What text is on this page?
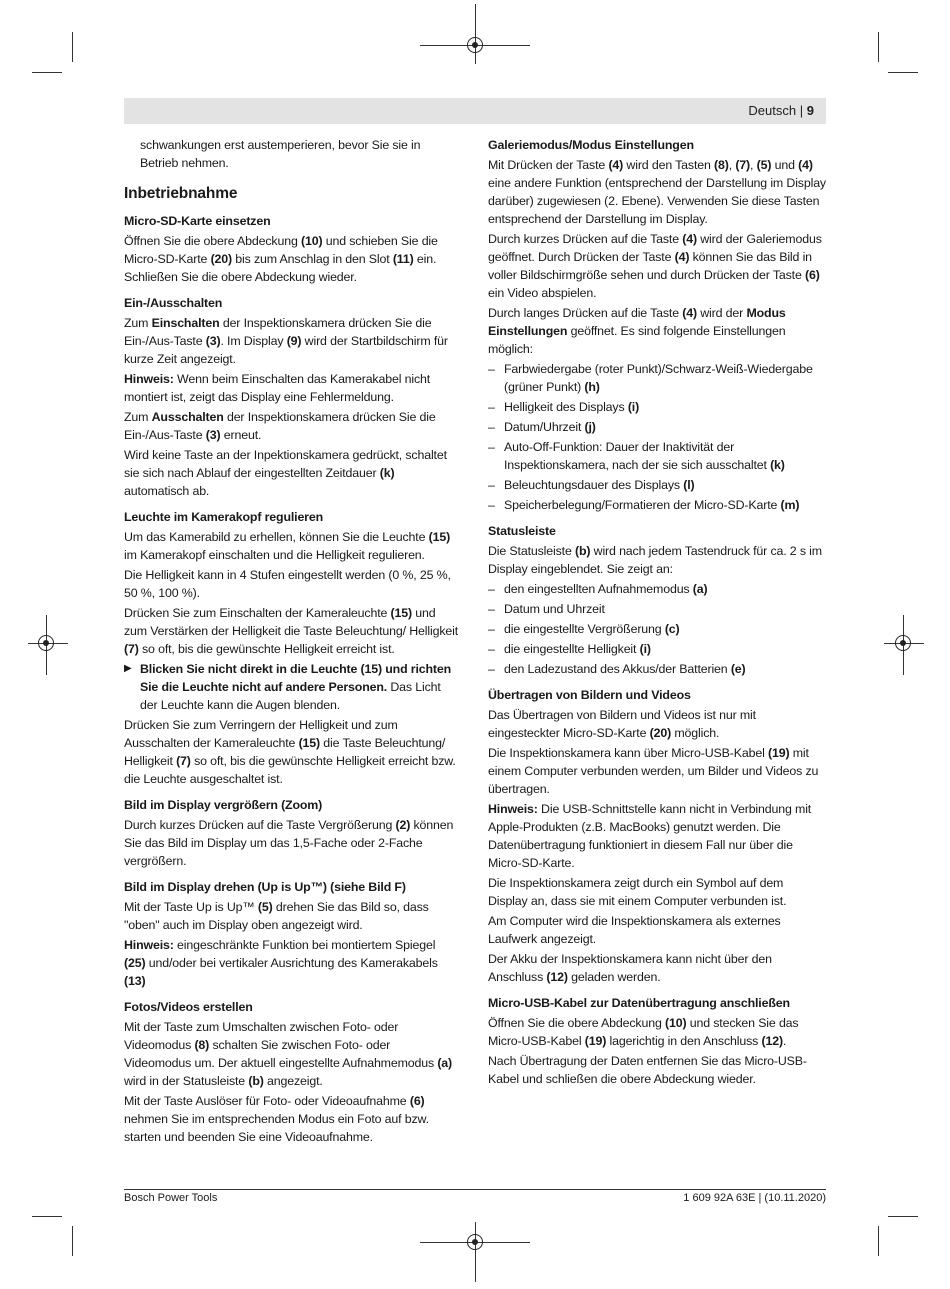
Deutsch | 9

schwankungen erst austemperieren, bevor Sie sie in Betrieb nehmen.

Inbetriebnahme
Micro-SD-Karte einsetzen

Öffnen Sie die obere Abdeckung (10) und schieben Sie die Micro-SD-Karte (20) bis zum Anschlag in den Slot (11) ein. Schließen Sie die obere Abdeckung wieder.

Ein-/Ausschalten

Zum Einschalten der Inspektionskamera drücken Sie die Ein-/Aus-Taste (3). Im Display (9) wird der Startbildschirm für kurze Zeit angezeigt.

Hinweis: Wenn beim Einschalten das Kamerakabel nicht montiert ist, zeigt das Display eine Fehlermeldung.

Zum Ausschalten der Inspektionskamera drücken Sie die Ein-/Aus-Taste (3) erneut.

Wird keine Taste an der Inpektionskamera gedrückt, schaltet sie sich nach Ablauf der eingestellten Zeitdauer (k) automatisch ab.

Leuchte im Kamerakopf regulieren

Um das Kamerabild zu erhellen, können Sie die Leuchte (15) im Kamerakopf einschalten und die Helligkeit regulieren.

Die Helligkeit kann in 4 Stufen eingestellt werden (0 %, 25 %, 50 %, 100 %).

Drücken Sie zum Einschalten der Kameraleuchte (15) und zum Verstärken der Helligkeit die Taste Beleuchtung/ Helligkeit (7) so oft, bis die gewünschte Helligkeit erreicht ist.

▶ Blicken Sie nicht direkt in die Leuchte (15) und richten Sie die Leuchte nicht auf andere Personen. Das Licht der Leuchte kann die Augen blenden.

Drücken Sie zum Verringern der Helligkeit und zum Ausschalten der Kameraleuchte (15) die Taste Beleuchtung/ Helligkeit (7) so oft, bis die gewünschte Helligkeit erreicht bzw. die Leuchte ausgeschaltet ist.

Bild im Display vergrößern (Zoom)

Durch kurzes Drücken auf die Taste Vergrößerung (2) können Sie das Bild im Display um das 1,5-Fache oder 2-Fache vergrößern.

Bild im Display drehen (Up is Up™) (siehe Bild F)

Mit der Taste Up is Up™ (5) drehen Sie das Bild so, dass "oben" auch im Display oben angezeigt wird.

Hinweis: eingeschränkte Funktion bei montiertem Spiegel (25) und/oder bei vertikaler Ausrichtung des Kamerakabels (13)

Fotos/Videos erstellen

Mit der Taste zum Umschalten zwischen Foto- oder Videomodus (8) schalten Sie zwischen Foto- oder Videomodus um. Der aktuell eingestellte Aufnahmemodus (a) wird in der Statusleiste (b) angezeigt.

Mit der Taste Auslöser für Foto- oder Videoaufnahme (6) nehmen Sie im entsprechenden Modus ein Foto auf bzw. starten und beenden Sie eine Videoaufnahme.

Galeriemodus/Modus Einstellungen

Mit Drücken der Taste (4) wird den Tasten (8), (7), (5) und (4) eine andere Funktion (entsprechend der Darstellung im Display darüber) zugewiesen (2. Ebene). Verwenden Sie diese Tasten entsprechend der Darstellung im Display.

Durch kurzes Drücken auf die Taste (4) wird der Galeriemodus geöffnet. Durch Drücken der Taste (4) können Sie das Bild in voller Bildschirmgröße sehen und durch Drücken der Taste (6) ein Video abspielen.

Durch langes Drücken auf die Taste (4) wird der Modus Einstellungen geöffnet. Es sind folgende Einstellungen möglich:

– Farbwiedergabe (roter Punkt)/Schwarz-Weiß-Wiedergabe (grüner Punkt) (h)
– Helligkeit des Displays (i)
– Datum/Uhrzeit (j)
– Auto-Off-Funktion: Dauer der Inaktivität der Inspektionskamera, nach der sie sich ausschaltet (k)
– Beleuchtungsdauer des Displays (l)
– Speicherbelegung/Formatieren der Micro-SD-Karte (m)
Statusleiste

Die Statusleiste (b) wird nach jedem Tastendruck für ca. 2 s im Display eingeblendet. Sie zeigt an:

– den eingestellten Aufnahmemodus (a)
– Datum und Uhrzeit
– die eingestellte Vergrößerung (c)
– die eingestellte Helligkeit (i)
– den Ladezustand des Akkus/der Batterien (e)
Übertragen von Bildern und Videos

Das Übertragen von Bildern und Videos ist nur mit eingesteckter Micro-SD-Karte (20) möglich.

Die Inspektionskamera kann über Micro-USB-Kabel (19) mit einem Computer verbunden werden, um Bilder und Videos zu übertragen.

Hinweis: Die USB-Schnittstelle kann nicht in Verbindung mit Apple-Produkten (z.B. MacBooks) genutzt werden. Die Datenübertragung funktioniert in diesem Fall nur über die Micro-SD-Karte.

Die Inspektionskamera zeigt durch ein Symbol auf dem Display an, dass sie mit einem Computer verbunden ist.

Am Computer wird die Inspektionskamera als externes Laufwerk angezeigt.

Der Akku der Inspektionskamera kann nicht über den Anschluss (12) geladen werden.

Micro-USB-Kabel zur Datenübertragung anschließen

Öffnen Sie die obere Abdeckung (10) und stecken Sie das Micro-USB-Kabel (19) lagerichtig in den Anschluss (12).

Nach Übertragung der Daten entfernen Sie das Micro-USB-Kabel und schließen die obere Abdeckung wieder.

Bosch Power Tools	1 609 92A 63E | (10.11.2020)
